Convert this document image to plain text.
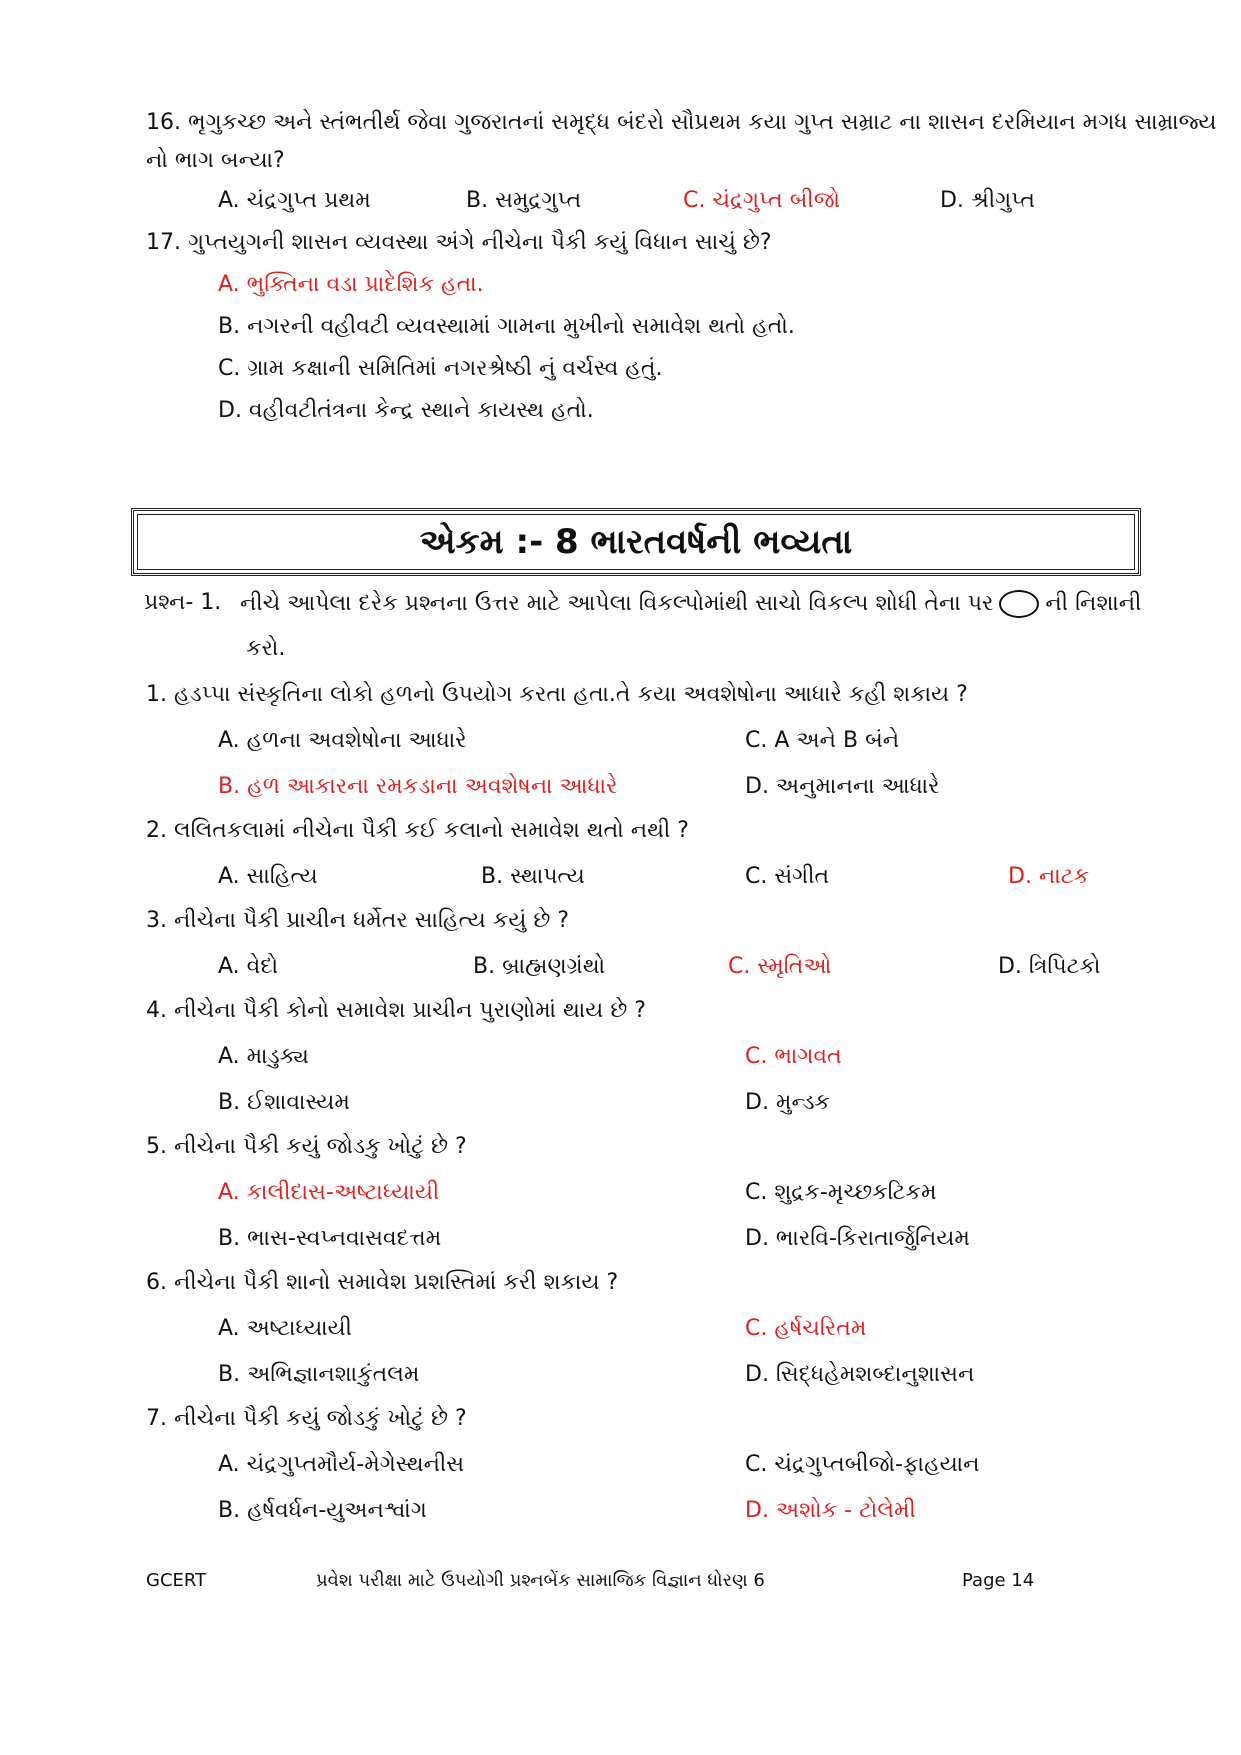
16. ભૃગુકચ્છ અને સ્તંભતીર્થ જેવા ગુજરાતનાં સમૃદ્ધ બંદરો સૌપ્રથમ કયા ગુપ્ત સમ્રાટ ના શાસન દરમિયાન મગધ સામ્રાજ્ય
નો ભાગ બન્યા?
A. ચંદ્રગુપ્ત પ્રથમ	B. સમુદ્રગુપ્ત	C. ચંદ્રગુપ્ત બીજો	D. શ્રીગુપ્ત
17. ગુપ્તયુગની શાસન વ્યવસ્થા અંગે નીચેના પૈકી કયું વિધાન સાચું છે?
A. ભુક્તિના વડા પ્રાદેશિક હતા.
B. નગરની વહીવટી વ્યવસ્થામાં ગામના મુખીનો સમાવેશ થતો હતો.
C. ગ્રામ કક્ષાની સમિતિમાં નગરશ્રેષ્ઠી નું વર્ચસ્વ હતું.
D. વહીવટીતંત્રના કેન્દ્ર સ્થાને કાયસ્થ હતો.
એકમ :- 8 ભારતવર્ષની ભવ્યતા
પ્રશ્ન- 1. નીચે આપેલા દરેક પ્રશ્નના ઉત્તર માટે આપેલા વિકલ્પોમાંથી સાચો વિકલ્પ શોધી તેના પર ની નિશાની
કરો.
1. હડપ્પા સંસ્કૃતિના લોકો હળનો ઉપયોગ કરતા હતા.તે કયા અવશેષોના આધારે કહી શકાય ?
A. હળના અવશેષોના આધારે	C. A અને B બંને
B. હળ આકારના રમકડાના અવશેષના આધારે	D. અનુમાનના આધારે
2. લલિતકલામાં નીચેના પૈકી કઈ કલાનો સમાવેશ થતો નથી ?
A. સાહિત્ય	B. સ્થાપત્ય	C. સંગીત	D. નાટક
3. નીચેના પૈકી પ્રાચીન ધર્મેતર સાહિત્ય કયું છે ?
A. વેદો	B. બ્રાહ્મણગ્રંથો	C. સ્મૃતિઓ	D. ત્રિપિટકો
4. નીચેના પૈકી કોનો સમાવેશ પ્રાચીન પુરાણોમાં થાય છે ?
A. માડુક્ય	C. ભાગવત
B. ઈશાવાસ્યમ	D. મુન્ડક
5. નીચેના પૈકી કયું જોડકુ ખોટું છે ?
A. કાલીદાસ-અષ્ટાધ્યાયી	C. શુદ્રક-મૃચ્છકટિકમ
B. ભાસ-સ્વપ્નવાસવદત્તમ	D. ભારવિ-કિરાતાર્જુનિયમ
6. નીચેના પૈકી શાનો સમાવેશ પ્રશસ્તિમાં કરી શકાય ?
A. અષ્ટાધ્યાયી	C. હર્ષચરિતમ
B. અભિજ્ઞાનશાકુંતલમ	D. સિદ્ધહેમશબ્દાનુશાસન
7. નીચેના પૈકી કયું જોડકું ખોટું છે ?
A. ચંદ્રગુપ્તમૌર્ય-મેગેસ્થનીસ	C. ચંદ્રગુપ્તબીજો-ફાહયાન
B. હર્ષવર્ધન-યુઅનશ્વાંગ	D. અશોક - ટોલેમી
GCERT	પ્રવેશ પરીક્ષા માટે ઉપયોગી પ્રશ્નબેંક સામાજિક વિજ્ઞાન ધોરણ 6	Page 14
